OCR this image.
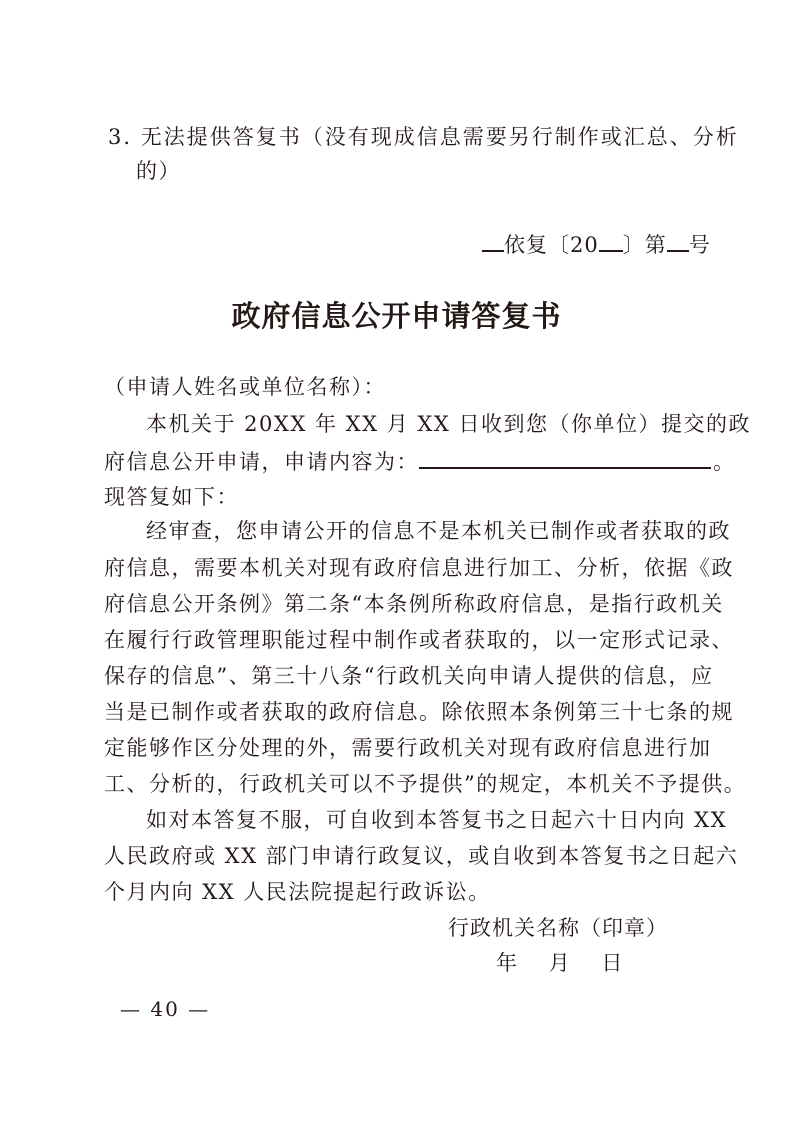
3. 无法提供答复书（没有现成信息需要另行制作或汇总、分析
的）
依复〔20 〕第 号
政府信息公开申请答复书
（申请人姓名或单位名称）：
本机关于 20XX 年 XX 月 XX 日收到您（你单位）提交的政
府信息公开申请，申请内容为：	。
现答复如下：
经审查，您申请公开的信息不是本机关已制作或者获取的政
府信息，需要本机关对现有政府信息进行加工、分析，依据《政
府信息公开条例》第二条“本条例所称政府信息，是指行政机关
在履行行政管理职能过程中制作或者获取的，以一定形式记录、
保存的信息”、第三十八条“行政机关向申请人提供的信息，应
当是已制作或者获取的政府信息。除依照本条例第三十七条的规
定能够作区分处理的外，需要行政机关对现有政府信息进行加
工、分析的，行政机关可以不予提供”的规定，本机关不予提供。
如对本答复不服，可自收到本答复书之日起六十日内向 XX
人民政府或 XX 部门申请行政复议，或自收到本答复书之日起六
个月内向 XX 人民法院提起行政诉讼。
行政机关名称（印章）
年    月    日
— 40 —
